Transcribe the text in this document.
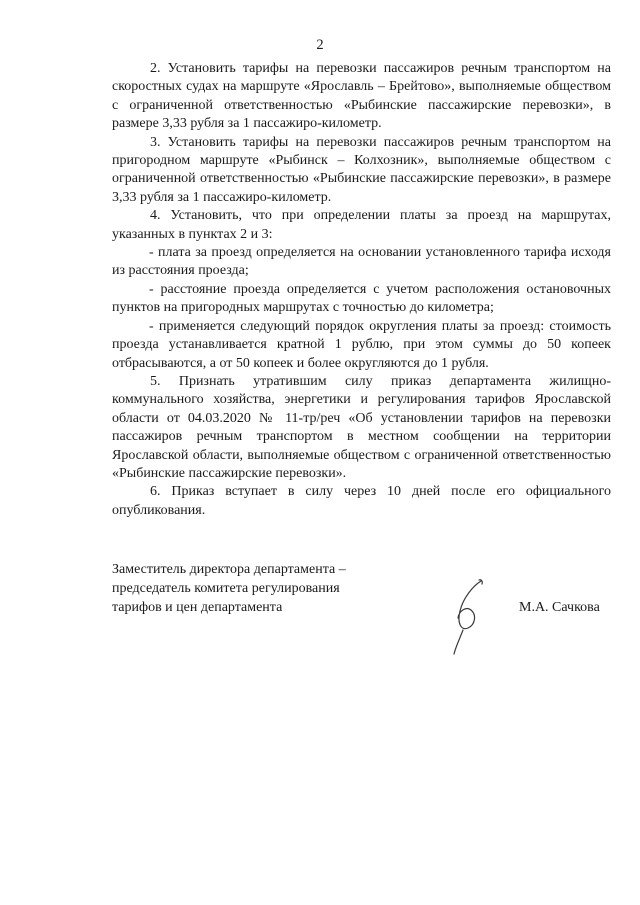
2

2. Установить тарифы на перевозки пассажиров речным транспортом на скоростных судах на маршруте «Ярославль – Брейтово», выполняемые обществом с ограниченной ответственностью «Рыбинские пассажирские перевозки», в размере 3,33 рубля за 1 пассажиро-километр.

3. Установить тарифы на перевозки пассажиров речным транспортом на пригородном маршруте «Рыбинск – Колхозник», выполняемые обществом с ограниченной ответственностью «Рыбинские пассажирские перевозки», в размере 3,33 рубля за 1 пассажиро-километр.

4. Установить, что при определении платы за проезд на маршрутах, указанных в пунктах 2 и 3:

- плата за проезд определяется на основании установленного тарифа исходя из расстояния проезда;

- расстояние проезда определяется с учетом расположения остановочных пунктов на пригородных маршрутах с точностью до километра;

- применяется следующий порядок округления платы за проезд: стоимость проезда устанавливается кратной 1 рублю, при этом суммы до 50 копеек отбрасываются, а от 50 копеек и более округляются до 1 рубля.

5. Признать утратившим силу приказ департамента жилищно-коммунального хозяйства, энергетики и регулирования тарифов Ярославской области от 04.03.2020 № 11-тр/реч «Об установлении тарифов на перевозки пассажиров речным транспортом в местном сообщении на территории Ярославской области, выполняемые обществом с ограниченной ответственностью «Рыбинские пассажирские перевозки».

6. Приказ вступает в силу через 10 дней после его официального опубликования.

Заместитель директора департамента –
председатель комитета регулирования
тарифов и цен департамента	М.А. Сачкова
